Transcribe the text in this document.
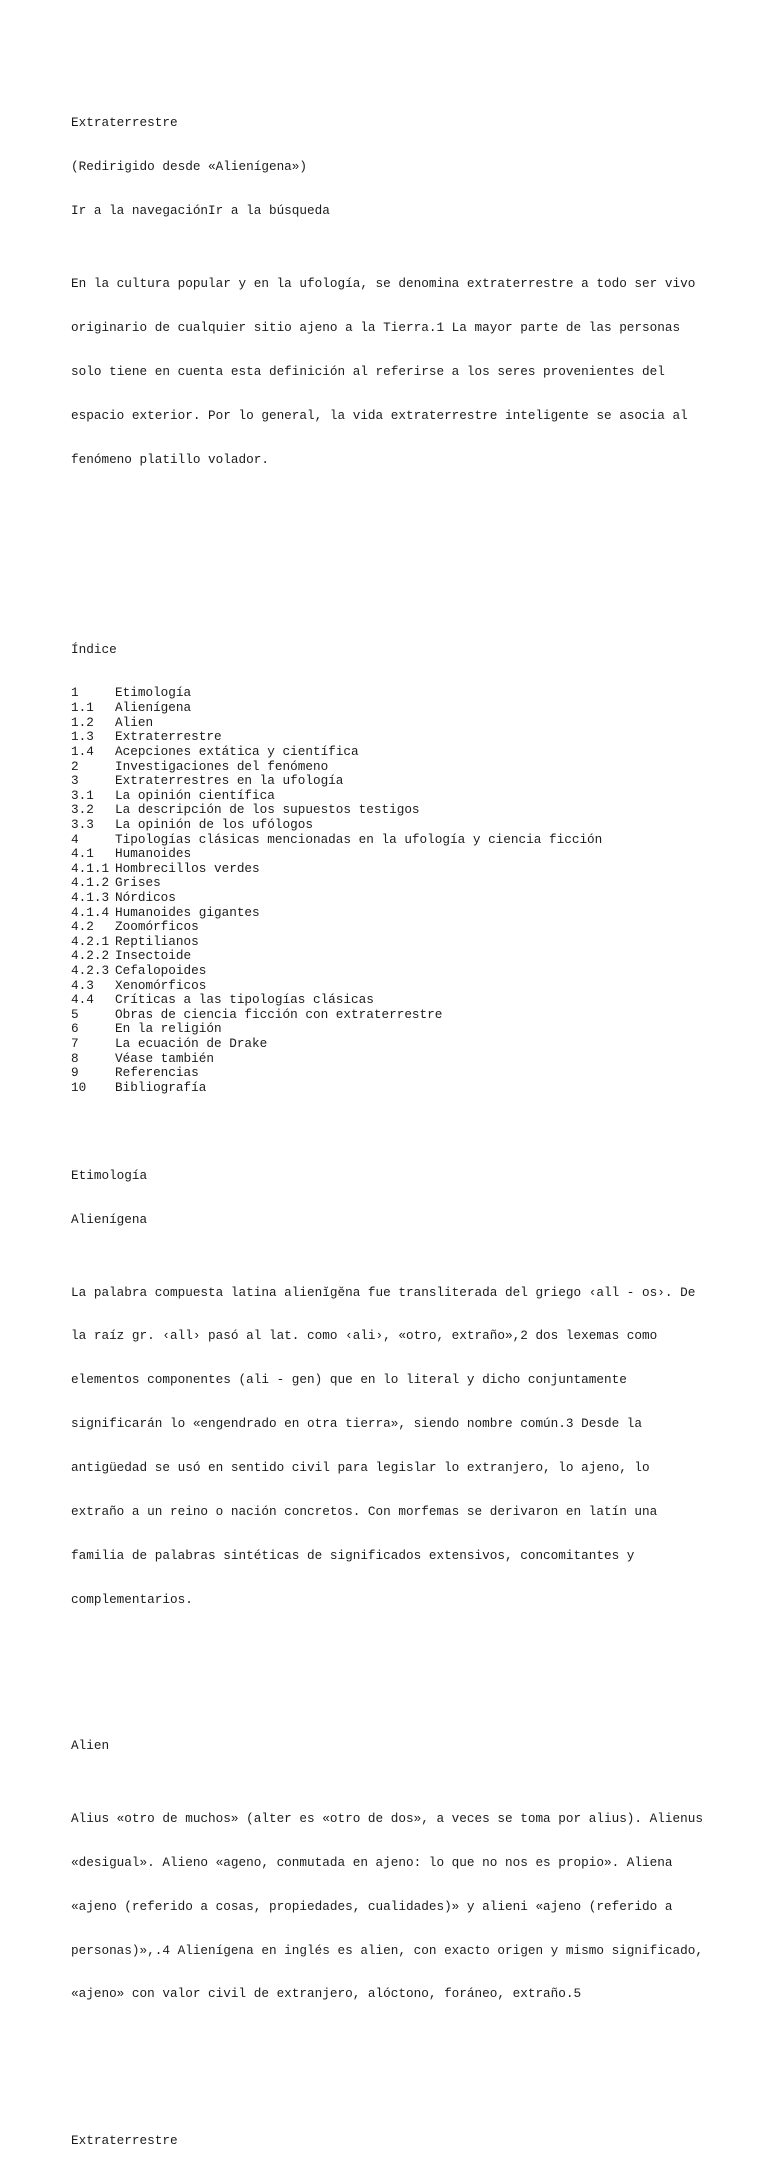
Extraterrestre

(Redirigido desde «Alienígena»)

Ir a la navegaciónIr a la búsqueda

En la cultura popular y en la ufología, se denomina extraterrestre a todo ser vivo

originario de cualquier sitio ajeno a la Tierra.1 La mayor parte de las personas

solo tiene en cuenta esta definición al referirse a los seres provenientes del

espacio exterior. Por lo general, la vida extraterrestre inteligente se asocia al

fenómeno platillo volador.

Índice

1	Etimología
1.1 Alienígena
1.2 Alien
1.3 Extraterrestre
1.4 Acepciones extática y científica
2	Investigaciones del fenómeno
3	Extraterrestres en la ufología
3.1 La opinión científica
3.2 La descripción de los supuestos testigos
3.3 La opinión de los ufólogos
4	Tipologías clásicas mencionadas en la ufología y ciencia ficción
4.1 Humanoides
4.1.1 Hombrecillos verdes
4.1.2 Grises
4.1.3 Nórdicos
4.1.4 Humanoides gigantes
4.2 Zoomórficos
4.2.1 Reptilianos
4.2.2 Insectoide
4.2.3 Cefalopoides
4.3 Xenomórficos
4.4 Críticas a las tipologías clásicas
5	Obras de ciencia ficción con extraterrestre
6	En la religión
7	La ecuación de Drake
8	Véase también
9	Referencias
10 Bibliografía

Etimología

Alienígena

La palabra compuesta latina alienĭgĕna fue transliterada del griego ‹all - os›. De

la raíz gr. ‹all› pasó al lat. como ‹ali›, «otro, extraño»,2 dos lexemas como

elementos componentes (ali - gen) que en lo literal y dicho conjuntamente

significarán lo «engendrado en otra tierra», siendo nombre común.3 Desde la

antigüedad se usó en sentido civil para legislar lo extranjero, lo ajeno, lo

extraño a un reino o nación concretos. Con morfemas se derivaron en latín una

familia de palabras sintéticas de significados extensivos, concomitantes y

complementarios.

Alien

Alius «otro de muchos» (alter es «otro de dos», a veces se toma por alius). Alienus

«desigual». Alieno «ageno, conmutada en ajeno: lo que no nos es propio». Aliena

«ajeno (referido a cosas, propiedades, cualidades)» y alieni «ajeno (referido a

personas)»,.4 Alienígena en inglés es alien, con exacto origen y mismo significado,

«ajeno» con valor civil de extranjero, alóctono, foráneo, extraño.5

Extraterrestre
